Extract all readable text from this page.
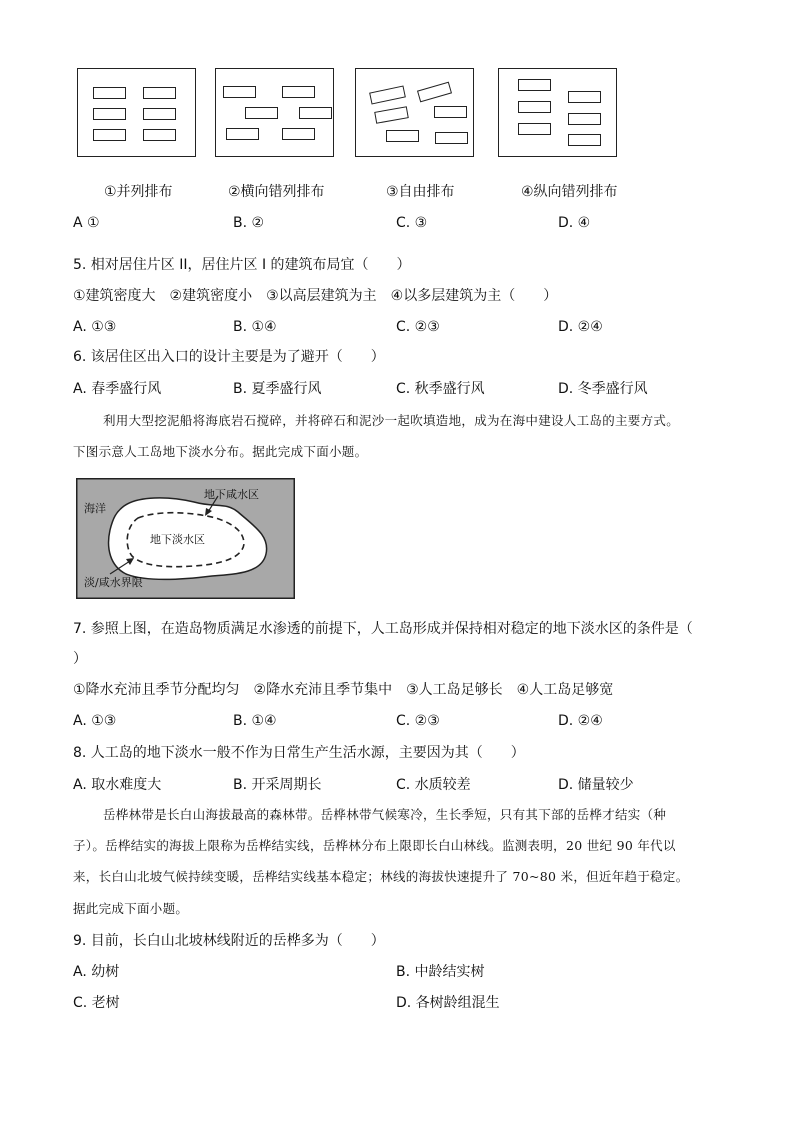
①并列排布	②横向错列排布	③自由排布	④纵向错列排布
A ①	B. ②	C. ③	D. ④
5. 相对居住片区 II，居住片区 I 的建筑布局宜（　　）
①建筑密度大　②建筑密度小　③以高层建筑为主　④以多层建筑为主（　　）
A. ①③	B. ①④	C. ②③	D. ②④
6. 该居住区出入口的设计主要是为了避开（　　）
A. 春季盛行风	B. 夏季盛行风	C. 秋季盛行风	D. 冬季盛行风
利用大型挖泥船将海底岩石搅碎，并将碎石和泥沙一起吹填造地，成为在海中建设人工岛的主要方式。
下图示意人工岛地下淡水分布。据此完成下面小题。
海洋
地下咸水区
地下淡水区
淡/咸水界限
7. 参照上图，在造岛物质满足水渗透的前提下，人工岛形成并保持相对稳定的地下淡水区的条件是（
）
①降水充沛且季节分配均匀　②降水充沛且季节集中　③人工岛足够长　④人工岛足够宽
A. ①③	B. ①④	C. ②③	D. ②④
8. 人工岛的地下淡水一般不作为日常生产生活水源，主要因为其（　　）
A. 取水难度大	B. 开采周期长	C. 水质较差	D. 储量较少
岳桦林带是长白山海拔最高的森林带。岳桦林带气候寒冷，生长季短，只有其下部的岳桦才结实（种
子）。岳桦结实的海拔上限称为岳桦结实线，岳桦林分布上限即长白山林线。监测表明，20 世纪 90 年代以
来，长白山北坡气候持续变暖，岳桦结实线基本稳定；林线的海拔快速提升了 70~80 米，但近年趋于稳定。
据此完成下面小题。
9. 目前，长白山北坡林线附近的岳桦多为（　　）
A. 幼树	B. 中龄结实树
C. 老树	D. 各树龄组混生
